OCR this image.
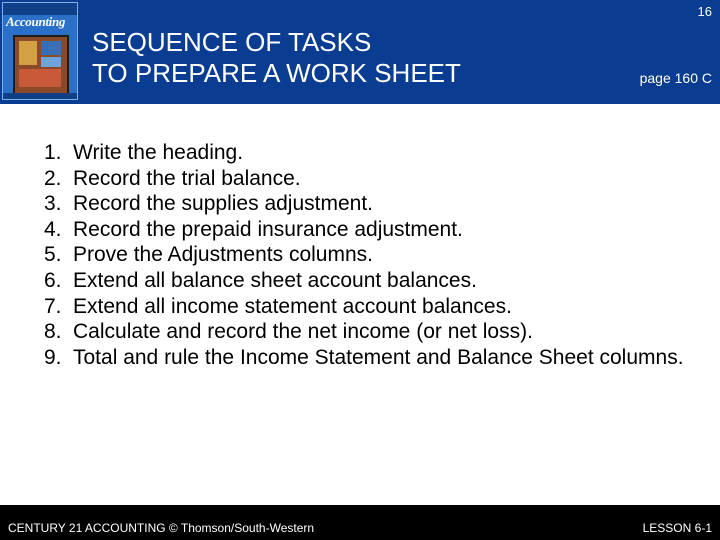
Accounting
SEQUENCE OF TASKS
TO PREPARE A WORK SHEET
16
page 160 C
1. Write the heading.
2. Record the trial balance.
3. Record the supplies adjustment.
4. Record the prepaid insurance adjustment.
5. Prove the Adjustments columns.
6. Extend all balance sheet account balances.
7. Extend all income statement account balances.
8. Calculate and record the net income (or net loss).
9. Total and rule the Income Statement and Balance Sheet columns.
CENTURY 21 ACCOUNTING © Thomson/South-Western	LESSON 6-1
